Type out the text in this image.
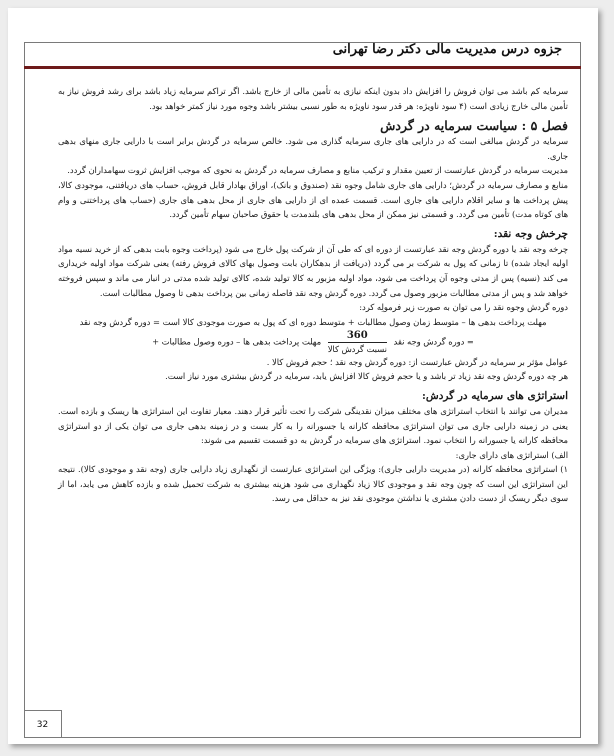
جزوه درس مدیریت مالی دکتر رضا تهرانی

سرمایه کم باشد می توان فروش را افزایش داد بدون اینکه نیازی به تأمین مالی از خارج باشد. اگر تراکم سرمایه زیاد باشد برای رشد فروش نیاز به تأمین مالی خارج زیادی است (۴ سود ناویژه: هر قدر سود ناویژه به طور نسبی بیشتر باشد وجوه مورد نیاز کمتر خواهد بود.

فصل ۵ : سیاست سرمایه در گردش

سرمایه در گردش مبالغی است که در دارایی های جاری سرمایه گذاری می شود. خالص سرمایه در گردش برابر است با دارایی جاری منهای بدهی جاری.

مدیریت سرمایه در گردش عبارتست از تعیین مقدار و ترکیب منابع و مصارف سرمایه در گردش به نحوی که موجب افزایش ثروت سهامداران گردد.

منابع و مصارف سرمایه در گردش؛ دارایی های جاری شامل وجوه نقد (صندوق و بانک)، اوراق بهادار قابل فروش، حساب های دریافتنی، موجودی کالا، پیش پرداخت ها و سایر اقلام دارایی های جاری است. قسمت عمده ای از دارایی های جاری از محل بدهی های جاری (حساب های پرداختنی و وام های کوتاه مدت) تأمین می گردد. و قسمتی نیز ممکن از محل بدهی های بلندمدت یا حقوق صاحبان سهام تأمین گردد.

چرخش وجه نقد:

چرخه وجه نقد یا دوره گردش وجه نقد عبارتست از دوره ای که طی آن از شرکت پول خارج می شود (پرداخت وجوه بابت بدهی که از خرید نسیه مواد اولیه ایجاد شده) تا زمانی که پول به شرکت بر می گردد (دریافت از بدهکاران بابت وصول بهای کالای فروش رفته) یعنی شرکت مواد اولیه خریداری می کند (نسیه) پس از مدتی وجوه آن پرداخت می شود، مواد اولیه مزبور به کالا تولید شده، کالای تولید شده مدتی در انبار می ماند و سپس فروخته خواهد شد و پس از مدتی مطالبات مزبور وصول می گردد. دوره گردش وجه نقد فاصله زمانی بین پرداخت بدهی تا وصول مطالبات است.

دوره گردش وجوه نقد را می توان به صورت زیر فرمولِه کرد:

مهلت پرداخت بدهی ها – متوسط زمان وصول مطالبات + متوسط دوره ای که پول به صورت موجودی کالا است = دوره گردش وجه نقد
= دوره گردش وجه نقد
$\frac{360}{\text{نسبت گردش کالا}}$
مهلت پرداخت بدهی ها – دوره وصول مطالبات +

عوامل مؤثر بر سرمایه در گردش عبارتست از: دوره گردش وجه نقد ؛ حجم فروش کالا .

هر چه دوره گردش وجه نقد زیاد تر باشد و یا حجم فروش کالا افزایش یابد، سرمایه در گردش بیشتری مورد نیاز است.

استراتژی های سرمایه در گردش:

مدیران می توانند با انتخاب استراتژی های مختلف میزان نقدینگی شرکت را تحت تأثیر قرار دهند. معیار تفاوت این استراتژی ها ریسک و بازده است. یعنی در زمینه دارایی جاری می توان استراتژی محافظه کارانه یا جسورانه را به کار بست و در زمینه بدهی جاری می توان یکی از دو استراتژی محافظه کارانه یا جسورانه را انتخاب نمود. استراتژی های سرمایه در گردش به دو قسمت تقسیم می شوند:

الف) استراتژی های دارای جاری:

۱) استراتژی محافظه کارانه (در مدیریت دارایی جاری): ویژگی این استراتژی عبارتست از نگهداری زیاد دارایی جاری (وجه نقد و موجودی کالا). نتیجه این استراتژی این است که چون وجه نقد و موجودی کالا زیاد نگهداری می شود هزینه بیشتری به شرکت تحمیل شده و بازده کاهش می یابد، اما از سوی دیگر ریسک از دست دادن مشتری یا نداشتن موجودی نقد نیز به حداقل می رسد.

32
